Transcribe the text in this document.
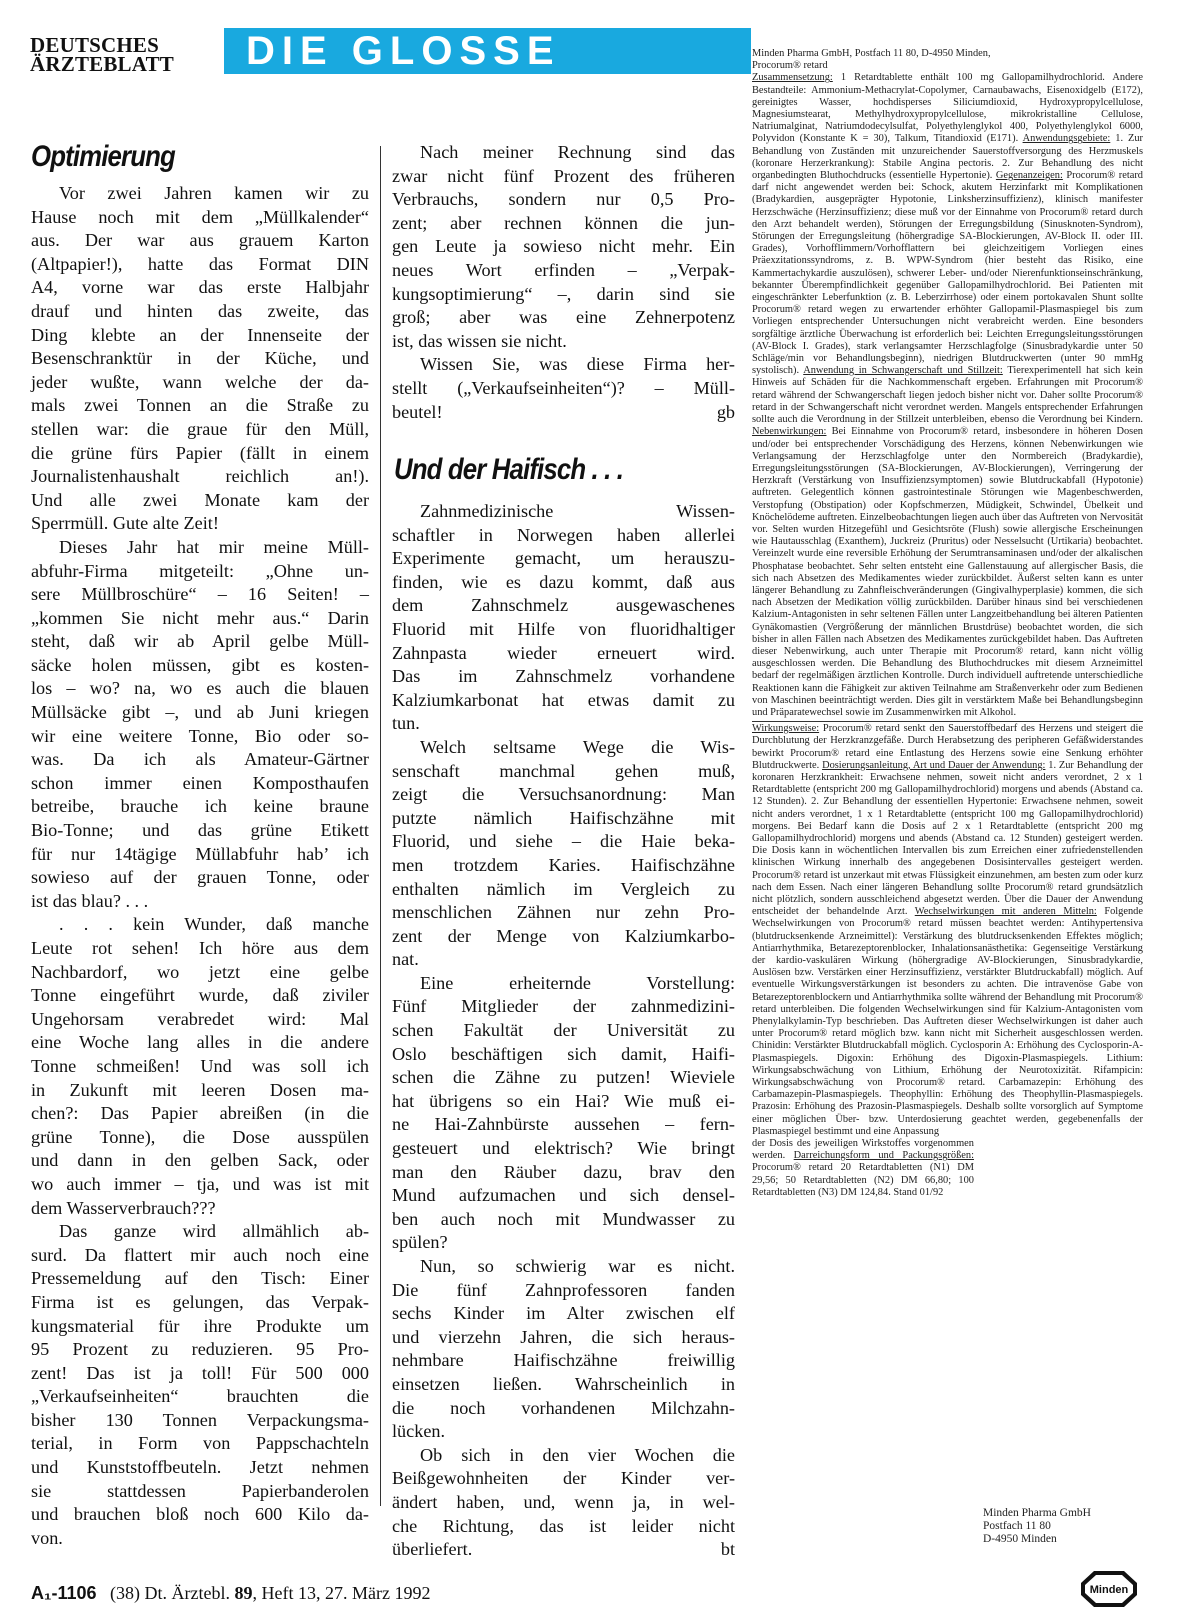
DEUTSCHES
ÄRZTEBLATT	DIE GLOSSE
Optimierung
Vor zwei Jahren kamen wir zu
Hause noch mit dem „Müllkalender“
aus. Der war aus grauem Karton
(Altpapier!), hatte das Format DIN
A4, vorne war das erste Halbjahr
drauf und hinten das zweite, das
Ding klebte an der Innenseite der
Besenschranktür in der Küche, und
jeder wußte, wann welche der da-
mals zwei Tonnen an die Straße zu
stellen war: die graue für den Müll,
die grüne fürs Papier (fällt in einem
Journalistenhaushalt reichlich an!).
Und alle zwei Monate kam der
Sperrmüll. Gute alte Zeit!
Dieses Jahr hat mir meine Müll-
abfuhr-Firma mitgeteilt: „Ohne un-
sere Müllbroschüre“ – 16 Seiten! –
„kommen Sie nicht mehr aus.“ Darin
steht, daß wir ab April gelbe Müll-
säcke holen müssen, gibt es kosten-
los – wo? na, wo es auch die blauen
Müllsäcke gibt –, und ab Juni kriegen
wir eine weitere Tonne, Bio oder so-
was. Da ich als Amateur-Gärtner
schon immer einen Komposthaufen
betreibe, brauche ich keine braune
Bio-Tonne; und das grüne Etikett
für nur 14tägige Müllabfuhr hab’ ich
sowieso auf der grauen Tonne, oder
ist das blau? . . .
. . . kein Wunder, daß manche
Leute rot sehen! Ich höre aus dem
Nachbardorf, wo jetzt eine gelbe
Tonne eingeführt wurde, daß ziviler
Ungehorsam verabredet wird: Mal
eine Woche lang alles in die andere
Tonne schmeißen! Und was soll ich
in Zukunft mit leeren Dosen ma-
chen?: Das Papier abreißen (in die
grüne Tonne), die Dose ausspülen
und dann in den gelben Sack, oder
wo auch immer – tja, und was ist mit
dem Wasserverbrauch???
Das ganze wird allmählich ab-
surd. Da flattert mir auch noch eine
Pressemeldung auf den Tisch: Einer
Firma ist es gelungen, das Verpak-
kungsmaterial für ihre Produkte um
95 Prozent zu reduzieren. 95 Pro-
zent! Das ist ja toll! Für 500 000
„Verkaufseinheiten“ brauchten die
bisher 130 Tonnen Verpackungsma-
terial, in Form von Pappschachteln
und Kunststoffbeuteln. Jetzt nehmen
sie stattdessen Papierbanderolen
und brauchen bloß noch 600 Kilo da-
von.
Nach meiner Rechnung sind das
zwar nicht fünf Prozent des früheren
Verbrauchs, sondern nur 0,5 Pro-
zent; aber rechnen können die jun-
gen Leute ja sowieso nicht mehr. Ein
neues Wort erfinden – „Verpak-
kungsoptimierung“ –, darin sind sie
groß; aber was eine Zehnerpotenz
ist, das wissen sie nicht.
Wissen Sie, was diese Firma her-
stellt („Verkaufseinheiten“)? – Müll-
beutel!	gb
Und der Haifisch . . .
Zahnmedizinische Wissen-
schaftler in Norwegen haben allerlei
Experimente gemacht, um herauszu-
finden, wie es dazu kommt, daß aus
dem Zahnschmelz ausgewaschenes
Fluorid mit Hilfe von fluoridhaltiger
Zahnpasta wieder erneuert wird.
Das im Zahnschmelz vorhandene
Kalziumkarbonat hat etwas damit zu
tun.
Welch seltsame Wege die Wis-
senschaft manchmal gehen muß,
zeigt die Versuchsanordnung: Man
putzte nämlich Haifischzähne mit
Fluorid, und siehe – die Haie beka-
men trotzdem Karies. Haifischzähne
enthalten nämlich im Vergleich zu
menschlichen Zähnen nur zehn Pro-
zent der Menge von Kalziumkarbo-
nat.
Eine erheiternde Vorstellung:
Fünf Mitglieder der zahnmedizini-
schen Fakultät der Universität zu
Oslo beschäftigen sich damit, Haifi-
schen die Zähne zu putzen! Wieviele
hat übrigens so ein Hai? Wie muß ei-
ne Hai-Zahnbürste aussehen – fern-
gesteuert und elektrisch? Wie bringt
man den Räuber dazu, brav den
Mund aufzumachen und sich densel-
ben auch noch mit Mundwasser zu
spülen?
Nun, so schwierig war es nicht.
Die fünf Zahnprofessoren fanden
sechs Kinder im Alter zwischen elf
und vierzehn Jahren, die sich heraus-
nehmbare Haifischzähne freiwillig
einsetzen ließen. Wahrscheinlich in
die noch vorhandenen Milchzahn-
lücken.
Ob sich in den vier Wochen die
Beißgewohnheiten der Kinder ver-
ändert haben, und, wenn ja, in wel-
che Richtung, das ist leider nicht
überliefert.	bt
Minden Pharma GmbH, Postfach 11 80, D-4950 Minden,
Procorum® retard
Zusammensetzung: 1 Retardtablette enthält 100 mg Gallopamilhydrochlorid. Andere Bestandteile: Ammonium-Methacrylat-Copolymer, Carnaubawachs, Eisenoxidgelb (E172), gereinigtes Wasser, hochdisperses Siliciumdioxid, Hydroxypropylcellulose, Magnesiumstearat, Methylhydroxypropylcellulose, mikrokristalline Cellulose, Natriumalginat, Natriumdodecylsulfat, Polyethylenglykol 400, Polyethylenglykol 6000, Polyvidon (Konstante K = 30), Talkum, Titandioxid (E171). Anwendungsgebiete: 1. Zur Behandlung von Zuständen mit unzureichender Sauerstoffversorgung des Herzmuskels (koronare Herzerkrankung): Stabile Angina pectoris. 2. Zur Behandlung des nicht organbedingten Bluthochdrucks (essentielle Hypertonie). Gegenanzeigen: Procorum® retard darf nicht angewendet werden bei: Schock, akutem Herzinfarkt mit Komplikationen (Bradykardien, ausgeprägter Hypotonie, Linksherzinsuffizienz), klinisch manifester Herzschwäche (Herzinsuffizienz; diese muß vor der Einnahme von Procorum® retard durch den Arzt behandelt werden), Störungen der Erregungsbildung (Sinusknoten-Syndrom), Störungen der Erregungsleitung (höhergradige SA-Blockierungen, AV-Block II. oder III. Grades), Vorhofflimmern/Vorhofflattern bei gleichzeitigem Vorliegen eines Präexzitationssyndroms, z. B. WPW-Syndrom (hier besteht das Risiko, eine Kammertachykardie auszulösen), schwerer Leber- und/oder Nierenfunktionseinschränkung, bekannter Überempfindlichkeit gegenüber Gallopamilhydrochlorid. Bei Patienten mit eingeschränkter Leberfunktion (z. B. Leberzirrhose) oder einem portokavalen Shunt sollte Procorum® retard wegen zu erwartender erhöhter Gallopamil-Plasmaspiegel bis zum Vorliegen entsprechender Untersuchungen nicht verabreicht werden. Eine besonders sorgfältige ärztliche Überwachung ist erforderlich bei: Leichten Erregungsleitungsstörungen (AV-Block I. Grades), stark verlangsamter Herzschlagfolge (Sinusbradykardie unter 50 Schläge/min vor Behandlungsbeginn), niedrigen Blutdruckwerten (unter 90 mmHg systolisch). Anwendung in Schwangerschaft und Stillzeit: Tierexperimentell hat sich kein Hinweis auf Schäden für die Nachkommenschaft ergeben. Erfahrungen mit Procorum® retard während der Schwangerschaft liegen jedoch bisher nicht vor. Daher sollte Procorum® retard in der Schwangerschaft nicht verordnet werden. Mangels entsprechender Erfahrungen sollte auch die Verordnung in der Stillzeit unterbleiben, ebenso die Verordnung bei Kindern. Nebenwirkungen: Bei Einnahme von Procorum® retard, insbesondere in höheren Dosen und/oder bei entsprechender Vorschädigung des Herzens, können Nebenwirkungen wie Verlangsamung der Herzschlagfolge unter den Normbereich (Bradykardie), Erregungsleitungsstörungen (SA-Blockierungen, AV-Blockierungen), Verringerung der Herzkraft (Verstärkung von Insuffizienzsymptomen) sowie Blutdruckabfall (Hypotonie) auftreten. Gelegentlich können gastrointestinale Störungen wie Magenbeschwerden, Verstopfung (Obstipation) oder Kopfschmerzen, Müdigkeit, Schwindel, Übelkeit und Knöchelödeme auftreten. Einzelbeobachtungen liegen auch über das Auftreten von Nervosität vor. Selten wurden Hitzegefühl und Gesichtsröte (Flush) sowie allergische Erscheinungen wie Hautausschlag (Exanthem), Juckreiz (Pruritus) oder Nesselsucht (Urtikaria) beobachtet. Vereinzelt wurde eine reversible Erhöhung der Serumtransaminasen und/oder der alkalischen Phosphatase beobachtet. Sehr selten entsteht eine Gallenstauung auf allergischer Basis, die sich nach Absetzen des Medikamentes wieder zurückbildet. Äußerst selten kann es unter längerer Behandlung zu Zahnfleischveränderungen (Gingivalhyperplasie) kommen, die sich nach Absetzen der Medikation völlig zurückbilden. Darüber hinaus sind bei verschiedenen Kalzium-Antagonisten in sehr seltenen Fällen unter Langzeitbehandlung bei älteren Patienten Gynäkomastien (Vergrößerung der männlichen Brustdrüse) beobachtet worden, die sich bisher in allen Fällen nach Absetzen des Medikamentes zurückgebildet haben. Das Auftreten dieser Nebenwirkung, auch unter Therapie mit Procorum® retard, kann nicht völlig ausgeschlossen werden. Die Behandlung des Bluthochdruckes mit diesem Arzneimittel bedarf der regelmäßigen ärztlichen Kontrolle. Durch individuell auftretende unterschiedliche Reaktionen kann die Fähigkeit zur aktiven Teilnahme am Straßenverkehr oder zum Bedienen von Maschinen beeinträchtigt werden. Dies gilt in verstärktem Maße bei Behandlungsbeginn und Präparatewechsel sowie im Zusammenwirken mit Alkohol.
Wirkungsweise: Procorum® retard senkt den Sauerstoffbedarf des Herzens und steigert die Durchblutung der Herzkranzgefäße. Durch Herabsetzung des peripheren Gefäßwiderstandes bewirkt Procorum® retard eine Entlastung des Herzens sowie eine Senkung erhöhter Blutdruckwerte. Dosierungsanleitung, Art und Dauer der Anwendung: 1. Zur Behandlung der koronaren Herzkrankheit: Erwachsene nehmen, soweit nicht anders verordnet, 2 x 1 Retardtablette (entspricht 200 mg Gallopamilhydrochlorid) morgens und abends (Abstand ca. 12 Stunden). 2. Zur Behandlung der essentiellen Hypertonie: Erwachsene nehmen, soweit nicht anders verordnet, 1 x 1 Retardtablette (entspricht 100 mg Gallopamilhydrochlorid) morgens. Bei Bedarf kann die Dosis auf 2 x 1 Retardtablette (entspricht 200 mg Gallopamilhydrochlorid) morgens und abends (Abstand ca. 12 Stunden) gesteigert werden. Die Dosis kann in wöchentlichen Intervallen bis zum Erreichen einer zufriedenstellenden klinischen Wirkung innerhalb des angegebenen Dosisintervalles gesteigert werden. Procorum® retard ist unzerkaut mit etwas Flüssigkeit einzunehmen, am besten zum oder kurz nach dem Essen. Nach einer längeren Behandlung sollte Procorum® retard grundsätzlich nicht plötzlich, sondern ausschleichend abgesetzt werden. Über die Dauer der Anwendung entscheidet der behandelnde Arzt. Wechselwirkungen mit anderen Mitteln: Folgende Wechselwirkungen von Procorum® retard müssen beachtet werden: Antihypertensiva (blutdrucksenkende Arzneimittel): Verstärkung des blutdrucksenkenden Effektes möglich; Antiarrhythmika, Betarezeptorenblocker, Inhalationsanästhetika: Gegenseitige Verstärkung der kardio-vaskulären Wirkung (höhergradige AV-Blockierungen, Sinusbradykardie, Auslösen bzw. Verstärken einer Herzinsuffizienz, verstärkter Blutdruckabfall) möglich. Auf eventuelle Wirkungsverstärkungen ist besonders zu achten. Die intravenöse Gabe von Betarezeptorenblockern und Antiarrhythmika sollte während der Behandlung mit Procorum® retard unterbleiben. Die folgenden Wechselwirkungen sind für Kalzium-Antagonisten vom Phenylalkylamin-Typ beschrieben. Das Auftreten dieser Wechselwirkungen ist daher auch unter Procorum® retard möglich bzw. kann nicht mit Sicherheit ausgeschlossen werden. Chinidin: Verstärkter Blutdruckabfall möglich. Cyclosporin A: Erhöhung des Cyclosporin-A-Plasmaspiegels. Digoxin: Erhöhung des Digoxin-Plasmaspiegels. Lithium: Wirkungsabschwächung von Lithium, Erhöhung der Neurotoxizität. Rifampicin: Wirkungsabschwächung von Procorum® retard. Carbamazepin: Erhöhung des Carbamazepin-Plasmaspiegels. Theophyllin: Erhöhung des Theophyllin-Plasmaspiegels. Prazosin: Erhöhung des Prazosin-Plasmaspiegels. Deshalb sollte vorsorglich auf Symptome einer möglichen Über- bzw. Unterdosierung geachtet werden, gegebenenfalls der Plasmaspiegel bestimmt und eine Anpassung
der Dosis des jeweiligen Wirkstoffes vorgenommen werden. Darreichungsform und Packungsgrößen: Procorum® retard 20 Retardtabletten (N1) DM 29,56; 50 Retardtabletten (N2) DM 66,80; 100 Retardtabletten (N3) DM 124,84. Stand 01/92
Minden Pharma GmbH
Postfach 11 80
D-4950 Minden
Minden
A₁-1106 (38) Dt. Ärztebl. 89, Heft 13, 27. März 1992
